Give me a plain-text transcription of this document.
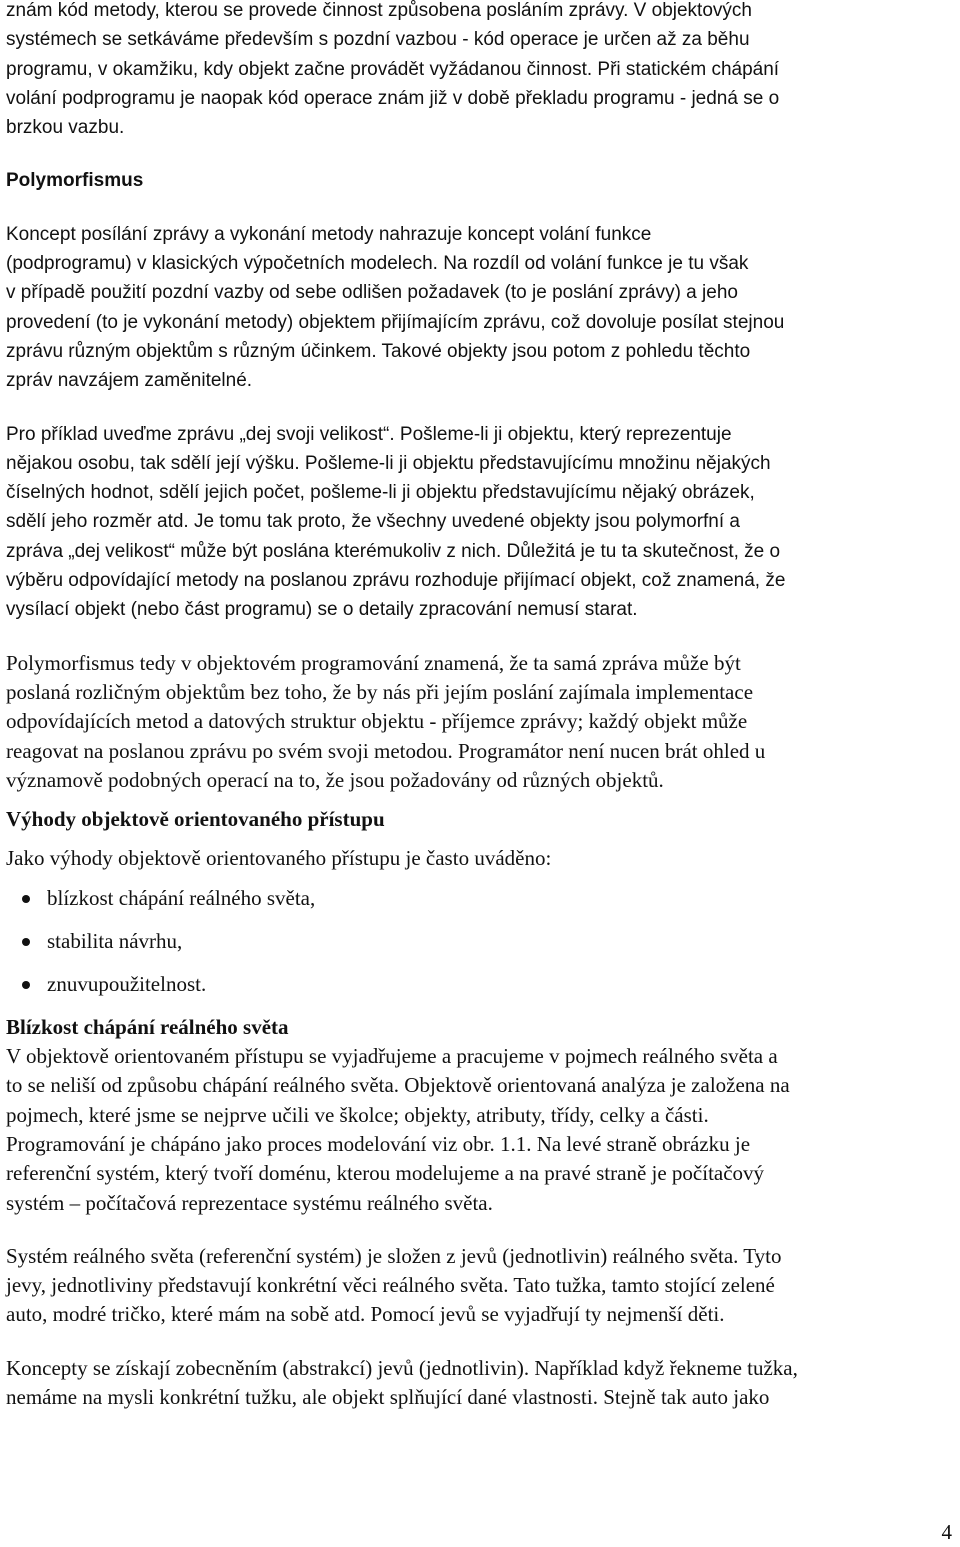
znám kód metody, kterou se provede činnost způsobena posláním zprávy. V objektových
systémech se setkáváme především s pozdní vazbou - kód operace je určen až za běhu
programu, v okamžiku, kdy objekt začne provádět vyžádanou činnost. Při statickém chápání
volání podprogramu je naopak kód operace znám již v době překladu programu - jedná se o
brzkou vazbu.
Polymorfismus
Koncept posílání zprávy a vykonání metody nahrazuje koncept volání funkce
(podprogramu) v klasických výpočetních modelech. Na rozdíl od volání funkce je tu však
v případě použití pozdní vazby od sebe odlišen požadavek (to je poslání zprávy) a jeho
provedení (to je vykonání metody) objektem přijímajícím zprávu, což dovoluje posílat stejnou
zprávu různým objektům s různým účinkem. Takové objekty jsou potom z pohledu těchto
zpráv navzájem zaměnitelné.
Pro příklad uveďme zprávu „dej svoji velikost“. Pošleme-li ji objektu, který reprezentuje
nějakou osobu, tak sdělí její výšku. Pošleme-li ji objektu představujícímu množinu nějakých
číselných hodnot, sdělí jejich počet, pošleme-li ji objektu představujícímu nějaký obrázek,
sdělí jeho rozměr atd. Je tomu tak proto, že všechny uvedené objekty jsou polymorfní a
zpráva „dej velikost“ může být poslána kterémukoliv z nich. Důležitá je tu ta skutečnost, že o
výběru odpovídající metody na poslanou zprávu rozhoduje přijímací objekt, což znamená, že
vysílací objekt (nebo část programu) se o detaily zpracování nemusí starat.
Polymorfismus tedy v objektovém programování znamená, že ta samá zpráva může být
poslaná rozličným objektům bez toho, že by nás při jejím poslání zajímala implementace
odpovídajících metod a datových struktur objektu - příjemce zprávy; každý objekt může
reagovat na poslanou zprávu po svém svoji metodou. Programátor není nucen brát ohled u
významově podobných operací na to, že jsou požadovány od různých objektů.
Výhody objektově orientovaného přístupu
Jako výhody objektově orientovaného přístupu je často uváděno:
blízkost chápání reálného světa,
stabilita návrhu,
znuvupoužitelnost.
Blízkost chápání reálného světa
V objektově orientovaném přístupu se vyjadřujeme a pracujeme v pojmech reálného světa a
to se neliší od způsobu chápání reálného světa. Objektově orientovaná analýza je založena na
pojmech, které jsme se nejprve učili ve školce; objekty, atributy, třídy, celky a části.
Programování je chápáno jako proces modelování viz obr. 1.1. Na levé straně obrázku je
referenční systém, který tvoří doménu, kterou modelujeme a na pravé straně je počítačový
systém – počítačová reprezentace systému reálného světa.
Systém reálného světa (referenční systém) je složen z jevů (jednotlivin) reálného světa. Tyto
jevy, jednotliviny představují konkrétní věci reálného světa. Tato tužka, tamto stojící zelené
auto, modré tričko, které mám na sobě atd. Pomocí jevů se vyjadřují ty nejmenší děti.
Koncepty se získají zobecněním (abstrakcí) jevů (jednotlivin). Například když řekneme tužka,
nemáme na mysli konkrétní tužku, ale objekt splňující dané vlastnosti. Stejně tak auto jako
4
